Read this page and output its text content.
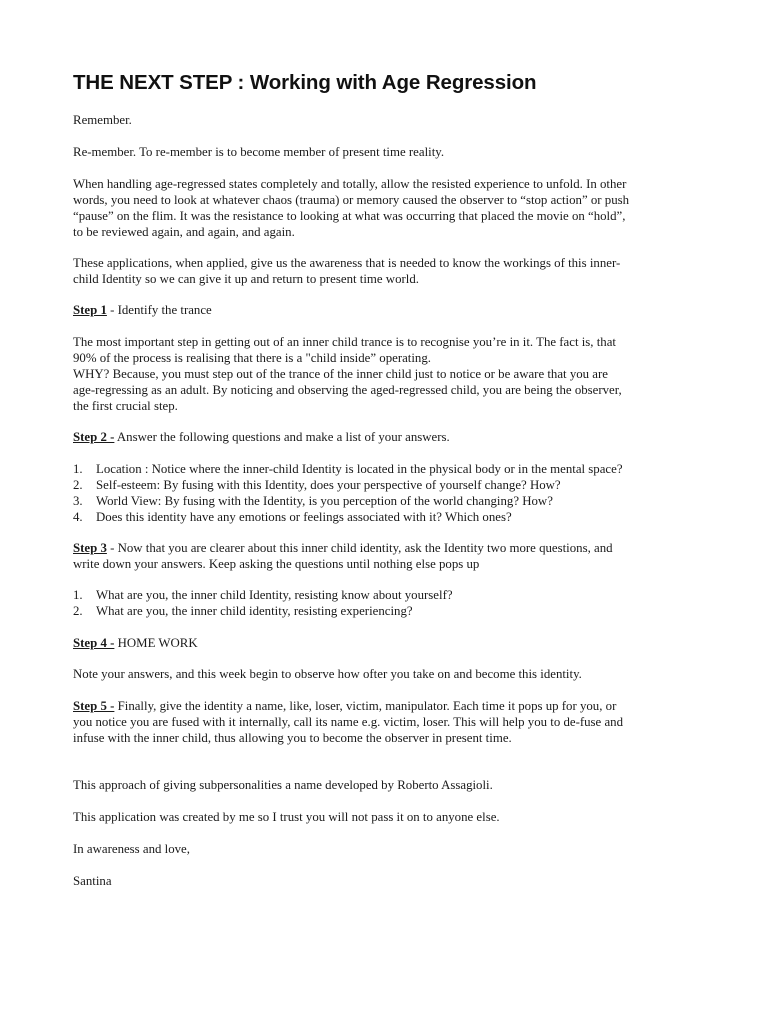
THE NEXT STEP : Working with Age Regression

Remember.

Re-member. To re-member is to become member of present time reality.

When handling age-regressed states completely and totally, allow the resisted experience to unfold. In other
words, you need to look at whatever chaos (trauma) or memory caused the observer to “stop action” or push
“pause” on the flim. It was the resistance to looking at what was occurring that placed the movie on “hold”,
to be reviewed again, and again, and again.

These applications, when applied, give us the awareness that is needed to know the workings of this inner-
child Identity so we can give it up and return to present time world.

Step 1 - Identify the trance

The most important step in getting out of an inner child trance is to recognise you’re in it. The fact is, that
90% of the process is realising that there is a "child inside” operating.
WHY? Because, you must step out of the trance of the inner child just to notice or be aware that you are
age-regressing as an adult. By noticing and observing the aged-regressed child, you are being the observer,
the first crucial step.

Step 2 - Answer the following questions and make a list of your answers.

1.	Location : Notice where the inner-child Identity is located in the physical body or in the mental space?
2.	Self-esteem: By fusing with this Identity, does your perspective of yourself change? How?
3.	World View: By fusing with the Identity, is you perception of the world changing? How?
4.	Does this identity have any emotions or feelings associated with it? Which ones?

Step 3 - Now that you are clearer about this inner child identity, ask the Identity two more questions, and
write down your answers. Keep asking the questions until nothing else pops up

1.	What are you, the inner child Identity, resisting know about yourself?
2.	What are you, the inner child identity, resisting experiencing?

Step 4 - HOME WORK

Note your answers, and this week begin to observe how ofter you take on and become this identity.

Step 5 - Finally, give the identity a name, like, loser, victim, manipulator. Each time it pops up for you, or
you notice you are fused with it internally, call its name e.g. victim, loser. This will help you to de-fuse and
infuse with the inner child, thus allowing you to become the observer in present time.

This approach of giving subpersonalities a name developed by Roberto Assagioli.

This application was created by me so I trust you will not pass it on to anyone else.

In awareness and love,

Santina
